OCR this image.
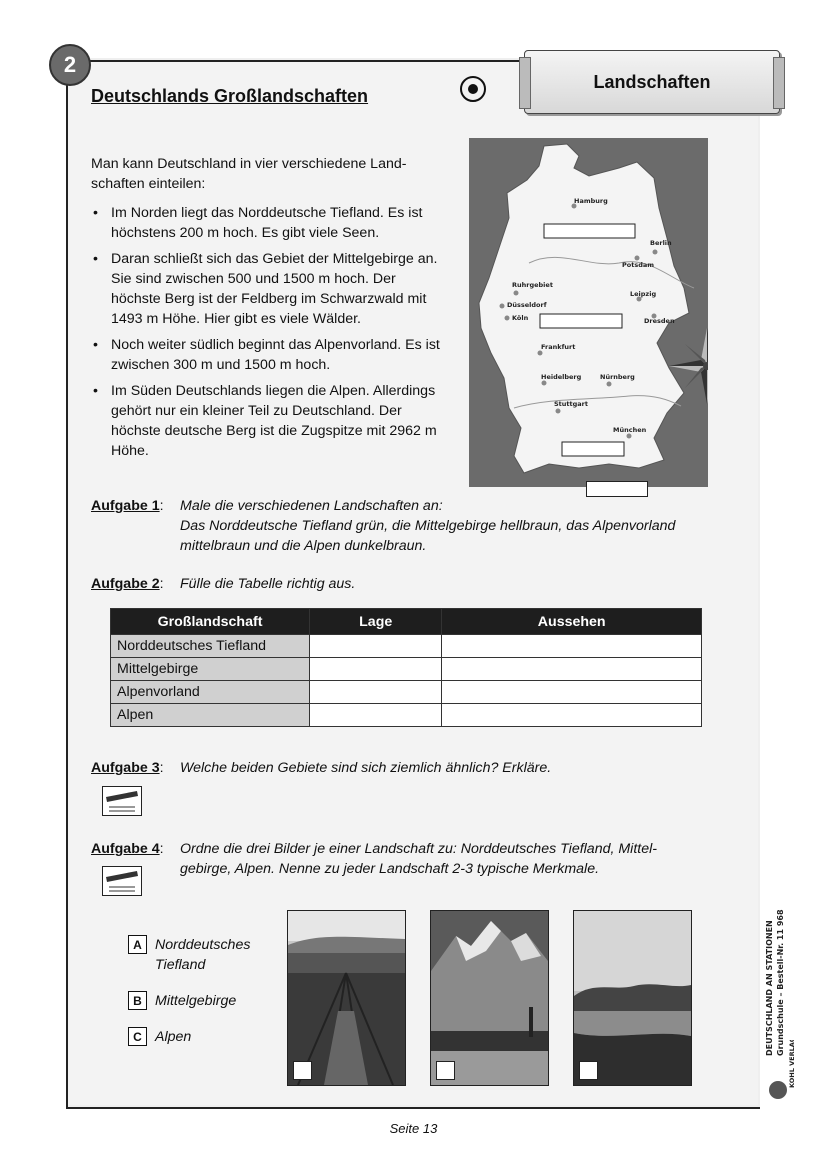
2
Landschaften
Deutschlands Großlandschaften
Man kann Deutschland in vier verschiedene Land-
schaften einteilen:
• Im Norden liegt das Norddeutsche Tiefland. Es ist höchstens 200 m hoch. Es gibt viele Seen.
• Daran schließt sich das Gebiet der Mittelgebirge an. Sie sind zwischen 500 und 1500 m hoch. Der höchste Berg ist der Feldberg im Schwarzwald mit 1493 m Höhe. Hier gibt es viele Wälder.
• Noch weiter südlich beginnt das Alpenvorland. Es ist zwischen 300 m und 1500 m hoch.
• Im Süden Deutschlands liegen die Alpen. Allerdings gehört nur ein kleiner Teil zu Deutschland. Der höchste deutsche Berg ist die Zugspitze mit 2962 m Höhe.
Hamburg
Berlin
Potsdam
Ruhrgebiet
Düsseldorf
Köln
Leipzig
Dresden
Frankfurt
Heidelberg	Nürnberg
Stuttgart
München
Aufgabe 1: Male die verschiedenen Landschaften an:
Das Norddeutsche Tiefland grün, die Mittelgebirge hellbraun, das Alpenvorland
mittelbraun und die Alpen dunkelbraun.
Aufgabe 2: Fülle die Tabelle richtig aus.
Großlandschaft	Lage	Aussehen
Norddeutsches Tiefland		
Mittelgebirge		
Alpenvorland		
Alpen		
Aufgabe 3: Welche beiden Gebiete sind sich ziemlich ähnlich? Erkläre.
Aufgabe 4: Ordne die drei Bilder je einer Landschaft zu: Norddeutsches Tiefland, Mittel-
gebirge, Alpen. Nenne zu jeder Landschaft 2-3 typische Merkmale.
A Norddeutsches Tiefland
B Mittelgebirge
C Alpen	DEUTSCHLAND AN STATIONEN Grundschule – Bestell-Nr. 11 968
KOHL VERLAG
Seite 13
